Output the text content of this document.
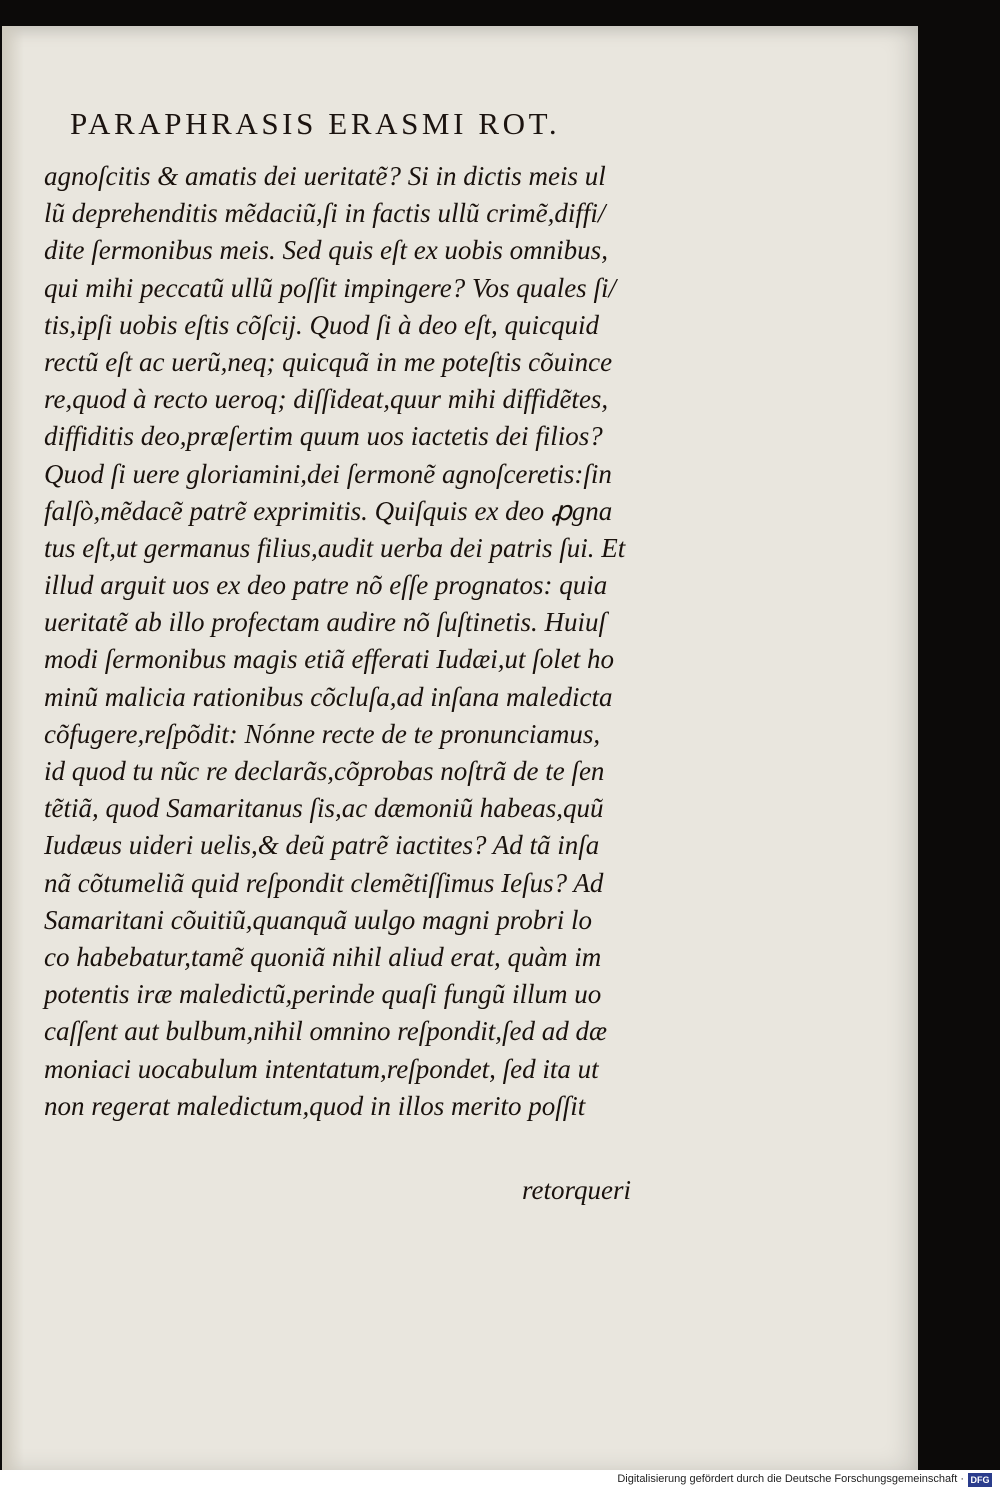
PARAPHRASIS ERASMI ROT.
agnoſcitis & amatis dei ueritatẽ? Si in dictis meis ul
lũ deprehenditis mẽdaciũ,ſi in factis ullũ crimẽ,diffi/
dite ſermonibus meis. Sed quis eſt ex uobis omnibus,
qui mihi peccatũ ullũ poſſit impingere? Vos quales ſi/
tis,ipſi uobis eſtis cõſcij. Quod ſi à deo eſt, quicquid
rectũ eſt ac uerũ,neq; quicquã in me poteſtis cõuince
re,quod à recto uerоq; diſſideat,quur mihi diffidẽtes,
diffiditis deo,præſertim quum uos iactetis dei filios?
Quod ſi uere gloriamini,dei ſermonẽ agnoſceretis:ſin
falſò,mẽdacẽ patrẽ exprimitis. Quiſquis ex deo ꝓgna
tus eſt,ut germanus filius,audit uerba dei patris ſui. Et
illud arguit uos ex deo patre nõ eſſe prognatos: quia
ueritatẽ ab illo profectam audire nõ ſuſtinetis. Huiuſ
modi ſermonibus magis etiã efferati Iudæi,ut ſolet ho
minũ malicia rationibus cõcluſa,ad inſana maledicta
cõfugere,reſpõdit: Nónne recte de te pronunciamus,
id quod tu nũc re declarãs,cõprobas noſtrã de te ſen
tẽtiã, quod Samaritanus ſis,ac dæmoniũ habeas,quũ
Iudæus uideri uelis,& deũ patrẽ iactites? Ad tã inſa
nã cõtumeliã quid reſpondit clemẽtiſſimus Ieſus? Ad
Samaritani cõuitiũ,quanquã uulgo magni probri lo
co habebatur,tamẽ quoniã nihil aliud erat, quàm im
potentis iræ maledictũ,perinde quaſi fungũ illum uo
caſſent aut bulbum,nihil omnino reſpondit,ſed ad dæ
moniaci uocabulum intentatum,reſpondet, ſed ita ut
non regerat maledictum,quod in illos merito poſſit
retorqueri
Digitalisierung gefördert durch die Deutsche Forschungsgemeinschaft · DFG
